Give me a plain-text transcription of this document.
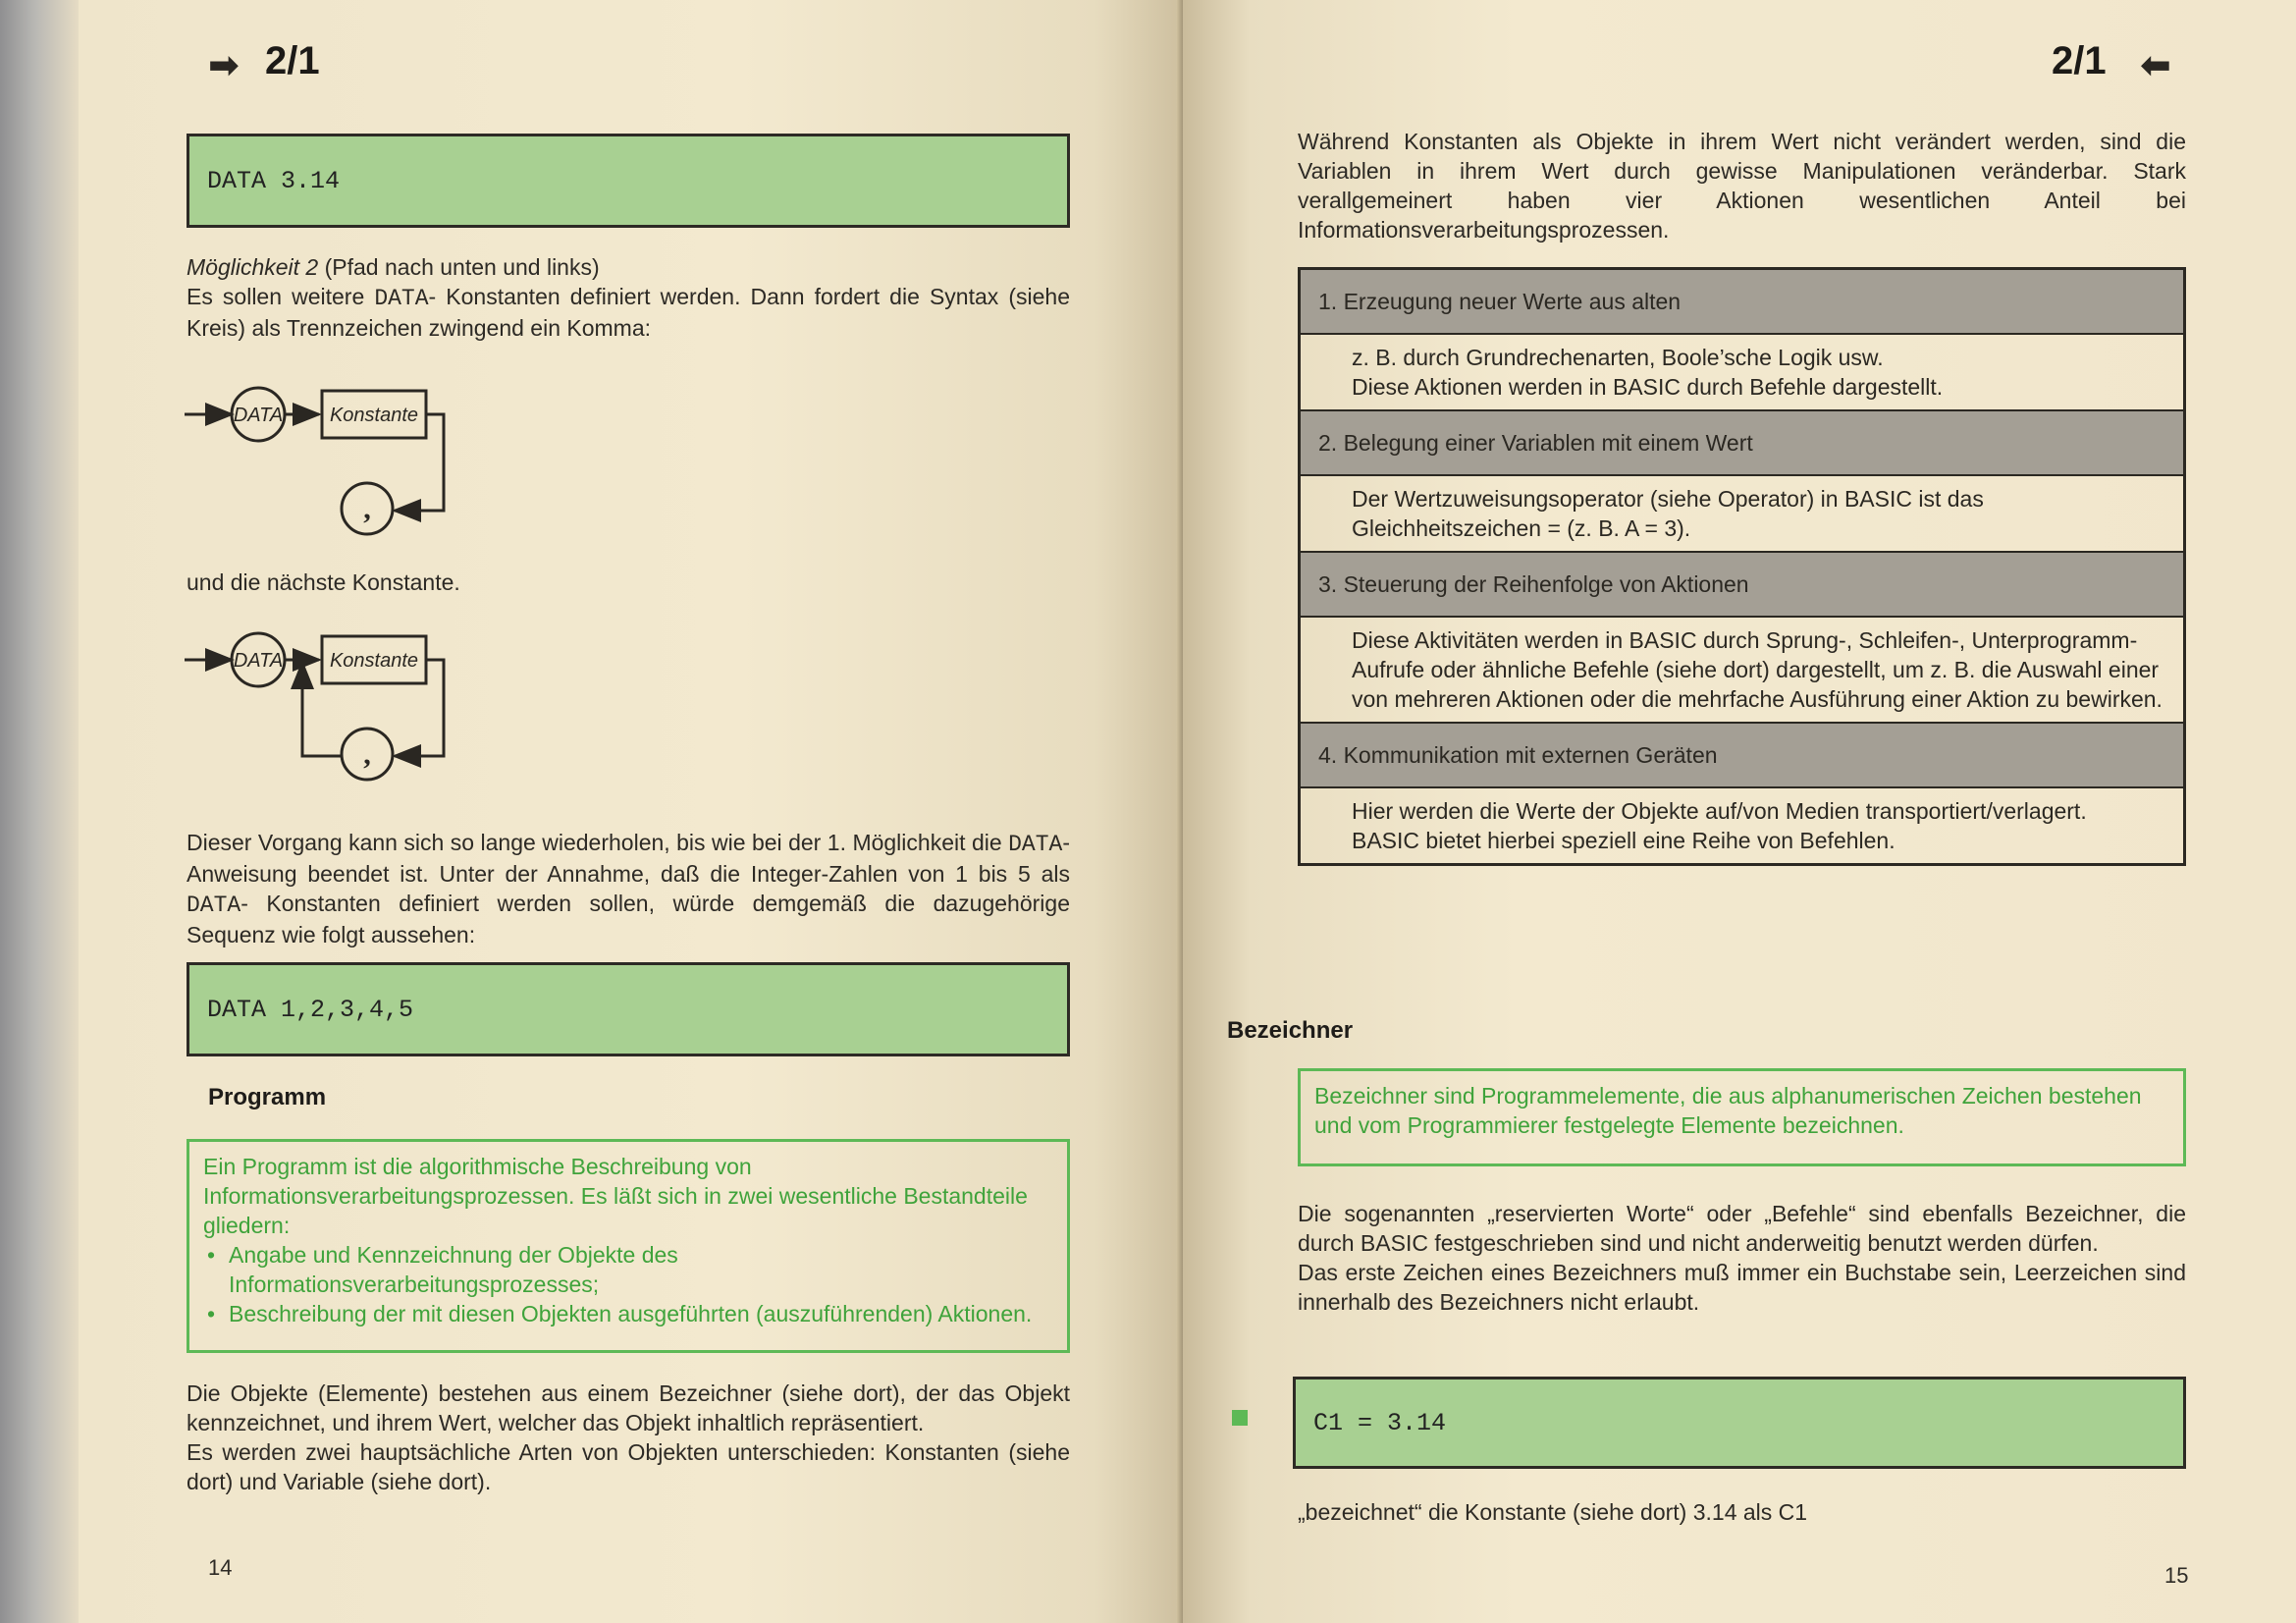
➡ 2/1
DATA 3.14
Möglichkeit 2 (Pfad nach unten und links)
Es sollen weitere DATA- Konstanten definiert werden. Dann fordert die Syntax (siehe Kreis) als Trennzeichen zwingend ein Komma:
DATA Konstante
,
und die nächste Konstante.
DATA Konstante
,
Dieser Vorgang kann sich so lange wiederholen, bis wie bei der 1. Möglichkeit die DATA-Anweisung beendet ist. Unter der Annahme, daß die Integer-Zahlen von 1 bis 5 als DATA- Konstanten definiert werden sollen, würde demgemäß die dazugehörige Sequenz wie folgt aussehen:
DATA 1,2,3,4,5
Programm
Ein Programm ist die algorithmische Beschreibung von Informationsverarbeitungsprozessen. Es läßt sich in zwei wesentliche Bestandteile gliedern:
• Angabe und Kennzeichnung der Objekte des Informationsverarbeitungsprozesses;
• Beschreibung der mit diesen Objekten ausgeführten (auszuführenden) Aktionen.
Die Objekte (Elemente) bestehen aus einem Bezeichner (siehe dort), der das Objekt kennzeichnet, und ihrem Wert, welcher das Objekt inhaltlich repräsentiert.
Es werden zwei hauptsächliche Arten von Objekten unterschieden: Konstanten (siehe dort) und Variable (siehe dort).
14
2/1 ⬅
Während Konstanten als Objekte in ihrem Wert nicht verändert werden, sind die Variablen in ihrem Wert durch gewisse Manipulationen veränderbar. Stark verallgemeinert haben vier Aktionen wesentlichen Anteil bei Informationsverarbeitungsprozessen.
1. Erzeugung neuer Werte aus alten
z. B. durch Grundrechenarten, Boole’sche Logik usw.
Diese Aktionen werden in BASIC durch Befehle dargestellt.
2. Belegung einer Variablen mit einem Wert
Der Wertzuweisungsoperator (siehe Operator) in BASIC ist das Gleichheitszeichen = (z. B. A = 3).
3. Steuerung der Reihenfolge von Aktionen
Diese Aktivitäten werden in BASIC durch Sprung-, Schleifen-, Unterprogramm-Aufrufe oder ähnliche Befehle (siehe dort) dargestellt, um z. B. die Auswahl einer von mehreren Aktionen oder die mehrfache Ausführung einer Aktion zu bewirken.
4. Kommunikation mit externen Geräten
Hier werden die Werte der Objekte auf/von Medien transportiert/verlagert.
BASIC bietet hierbei speziell eine Reihe von Befehlen.
Bezeichner
Bezeichner sind Programmelemente, die aus alphanumerischen Zeichen bestehen und vom Programmierer festgelegte Elemente bezeichnen.
Die sogenannten „reservierten Worte“ oder „Befehle“ sind ebenfalls Bezeichner, die durch BASIC festgeschrieben sind und nicht anderweitig benutzt werden dürfen.
Das erste Zeichen eines Bezeichners muß immer ein Buchstabe sein, Leerzeichen sind innerhalb des Bezeichners nicht erlaubt.
C1 = 3.14
„bezeichnet“ die Konstante (siehe dort) 3.14 als C1
15
